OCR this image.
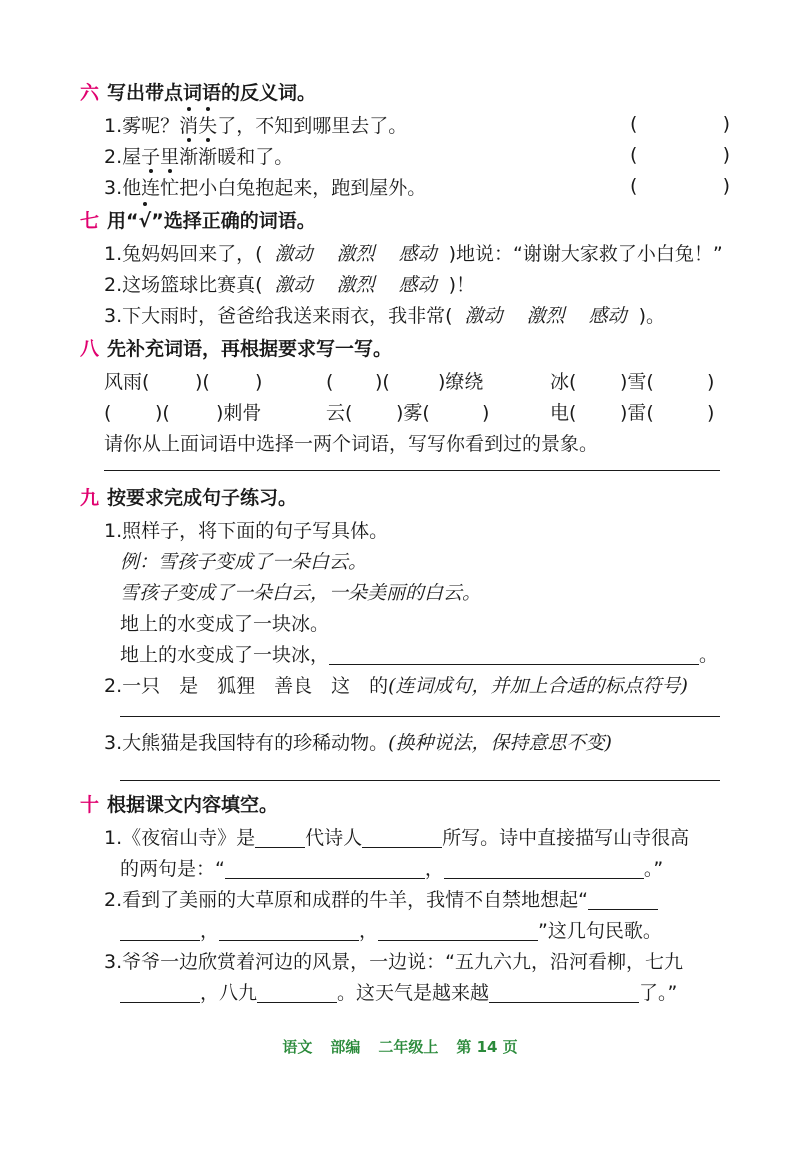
六 写出带点词语的反义词。
1.雾呢？消失了，不知到哪里去了。	(	)
2.屋子里渐渐暖和了。	(	)
3.他连忙把小白兔抱起来，跑到屋外。	(	)
七 用“√”选择正确的词语。
1.兔妈妈回来了，( 激动 激烈 感动 )地说：“谢谢大家救了小白兔！”
2.这场篮球比赛真( 激动 激烈 感动 )！
3.下大雨时，爸爸给我送来雨衣，我非常( 激动 激烈 感动 )。
八 先补充词语，再根据要求写一写。
风雨( )( )	( )(	)缭绕	冰( )雪(	)
( )( )刺骨	云( )雾(	)	电( )雷(	)
请你从上面词语中选择一两个词语，写写你看到过的景象。
九 按要求完成句子练习。
1.照样子，将下面的句子写具体。
例：雪孩子变成了一朵白云。
雪孩子变成了一朵白云，一朵美丽的白云。
地上的水变成了一块冰。
地上的水变成了一块冰，	。
2.一只　是　狐狸　善良　这　的(连词成句，并加上合适的标点符号)
3.大熊猫是我国特有的珍稀动物。(换种说法，保持意思不变)
十 根据课文内容填空。
1.《夜宿山寺》是	代诗人	所写。诗中直接描写山寺很高
的两句是：“	，	。”
2.看到了美丽的大草原和成群的牛羊，我情不自禁地想起“
，	，	”这几句民歌。
3.爷爷一边欣赏着河边的风景，一边说：“五九六九，沿河看柳，七九
，八九	。这天气是越来越	了。”
语文 部编 二年级上 第 14 页
